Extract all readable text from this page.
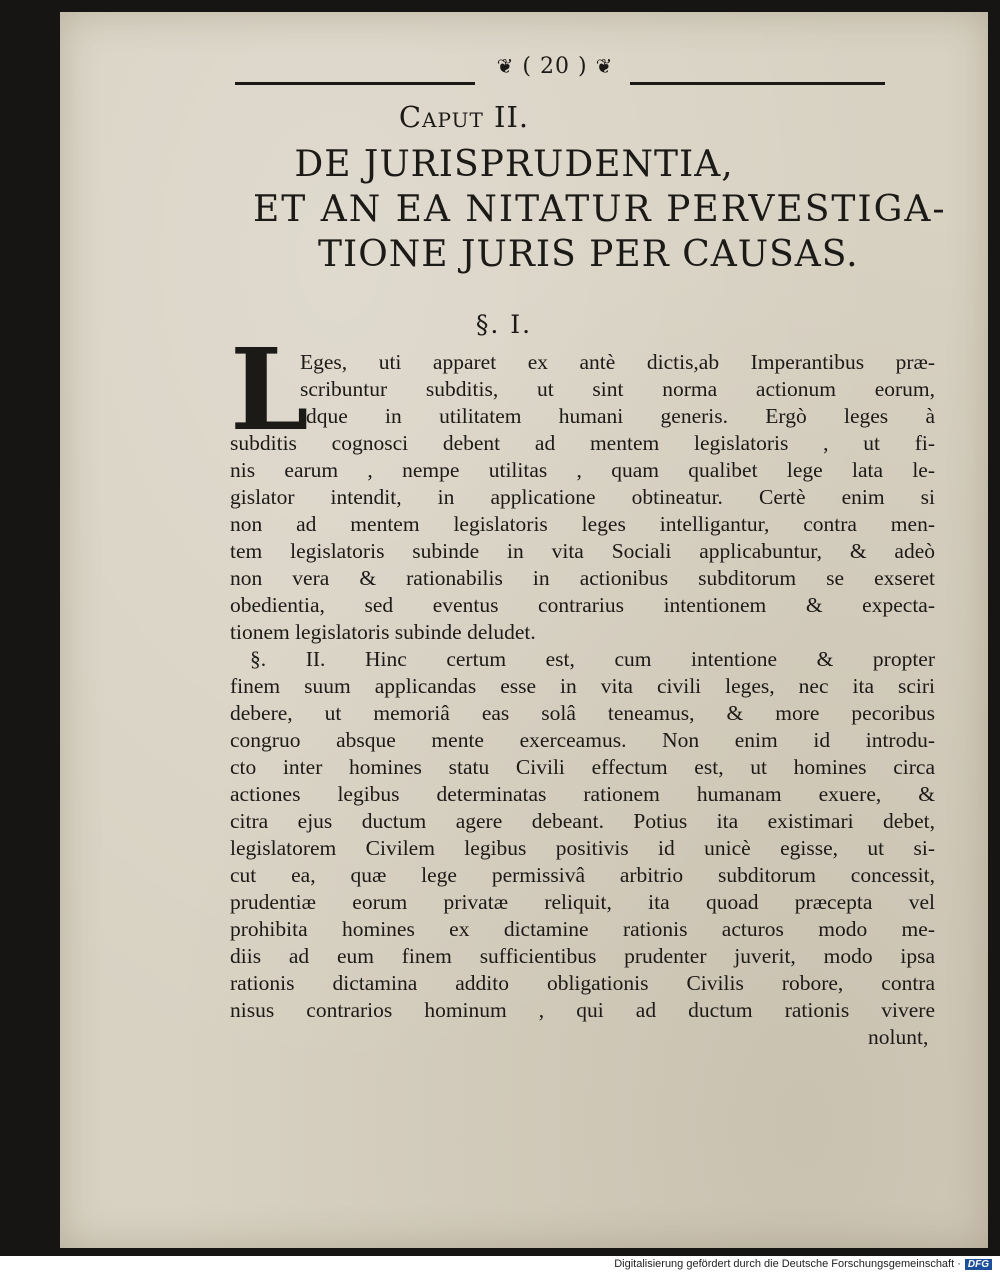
❦ ( 20 ) ❦
Caput II.
DE JURISPRUDENTIA,
ET AN EA NITATUR PERVESTIGA-
TIONE JURIS PER CAUSAS.
§. I.
L
Eges, uti apparet ex antè dictis,ab Imperantibus præ-
scribuntur subditis, ut sint norma actionum eorum,
idque in utilitatem humani generis. Ergò leges à
subditis cognosci debent ad mentem legislatoris , ut fi-
nis earum , nempe utilitas , quam qualibet lege lata le-
gislator intendit, in applicatione obtineatur. Certè enim si
non ad mentem legislatoris leges intelligantur, contra men-
tem legislatoris subinde in vita Sociali applicabuntur, & adeò
non vera & rationabilis in actionibus subditorum se exseret
obedientia, sed eventus contrarius intentionem & expecta-
tionem legislatoris subinde deludet.
§. II. Hinc certum est, cum intentione & propter
finem suum applicandas esse in vita civili leges, nec ita sciri
debere, ut memoriâ eas solâ teneamus, & more pecoribus
congruo absque mente exerceamus. Non enim id introdu-
cto inter homines statu Civili effectum est, ut homines circa
actiones legibus determinatas rationem humanam exuere, &
citra ejus ductum agere debeant. Potius ita existimari debet,
legislatorem Civilem legibus positivis id unicè egisse, ut si-
cut ea, quæ lege permissivâ arbitrio subditorum concessit,
prudentiæ eorum privatæ reliquit, ita quoad præcepta vel
prohibita homines ex dictamine rationis acturos modo me-
diis ad eum finem sufficientibus prudenter juverit, modo ipsa
rationis dictamina addito obligationis Civilis robore, contra
nisus contrarios hominum , qui ad ductum rationis vivere
nolunt,
Digitalisierung gefördert durch die Deutsche Forschungsgemeinschaft · DFG
